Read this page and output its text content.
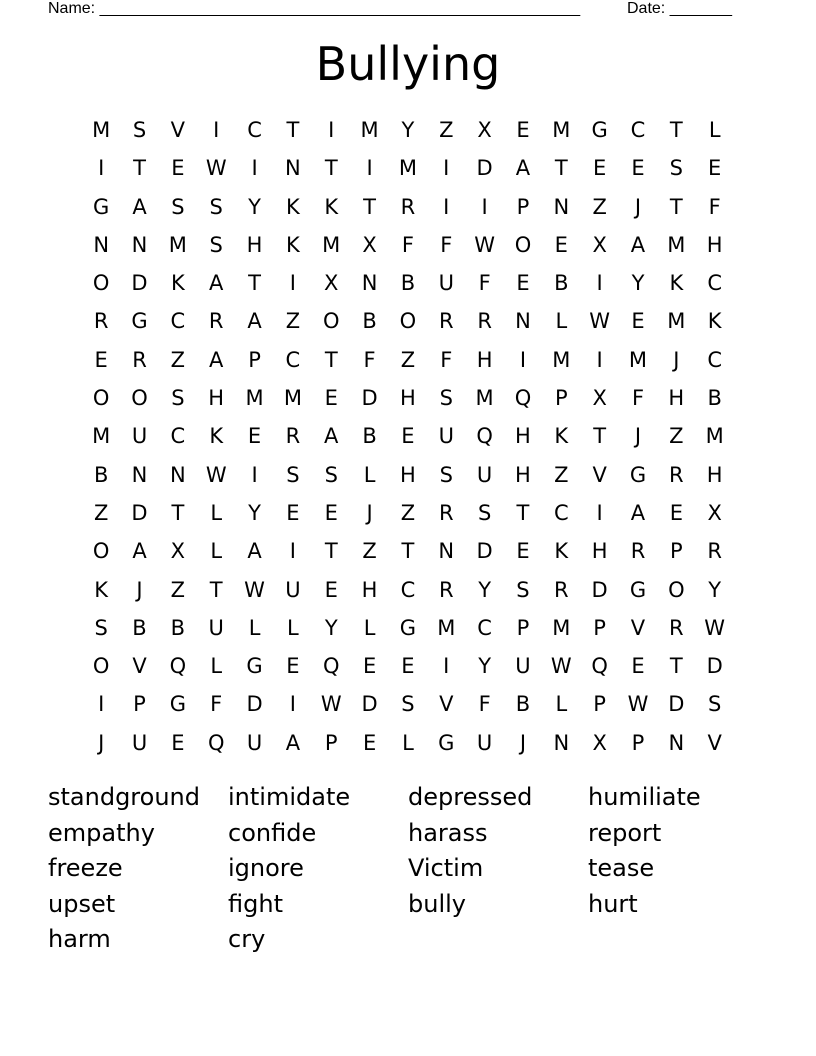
Name: ______________________________________________________	Date: _______
Bullying
M	S	V	I	C	T	I	M	Y	Z	X	E	M	G	C	T	L
I	T	E	W	I	N	T	I	M	I	D	A	T	E	E	S	E
G	A	S	S	Y	K	K	T	R	I	I	P	N	Z	J	T	F
N	N	M	S	H	K	M	X	F	F	W O	E	X	A	M	H
O	D	K	A	T	I	X	N	B	U	F	E	B	I	Y	K	C
R	G	C	R	A	Z	O	B	O	R	R	N	L	W	E	M	K
E	R	Z	A	P	C	T	F	Z	F	H	I	M	I	M	J	C
O	O	S	H	M M	E	D	H	S	M	Q	P	X	F	H	B
M	U	C	K	E	R	A	B	E	U	Q	H	K	T	J	Z	M
B	N	N W	I	S	S	L	H	S	U	H	Z	V	G	R	H
Z	D	T	L	Y	E	E	J	Z	R	S	T	C	I	A	E	X
O	A	X	L	A	I	T	Z	T	N	D	E	K	H	R	P	R
K	J	Z	T	W U	E	H	C	R	Y	S	R	D	G	O	Y
S	B	B	U	L	L	Y	L	G	M	C	P	M	P	V	R W
O	V	Q	L	G	E	Q	E	E	I	Y	U W Q	E	T	D
I	P	G	F	D	I	W D	S	V	F	B	L	P	W D	S
J	U	E	Q	U	A	P	E	L	G	U	J	N	X	P	N	V
standground	intimidate	depressed	humiliate
empathy	confide	harass	report
freeze	ignore	Victim	tease
upset	fight	bully	hurt
harm	cry
